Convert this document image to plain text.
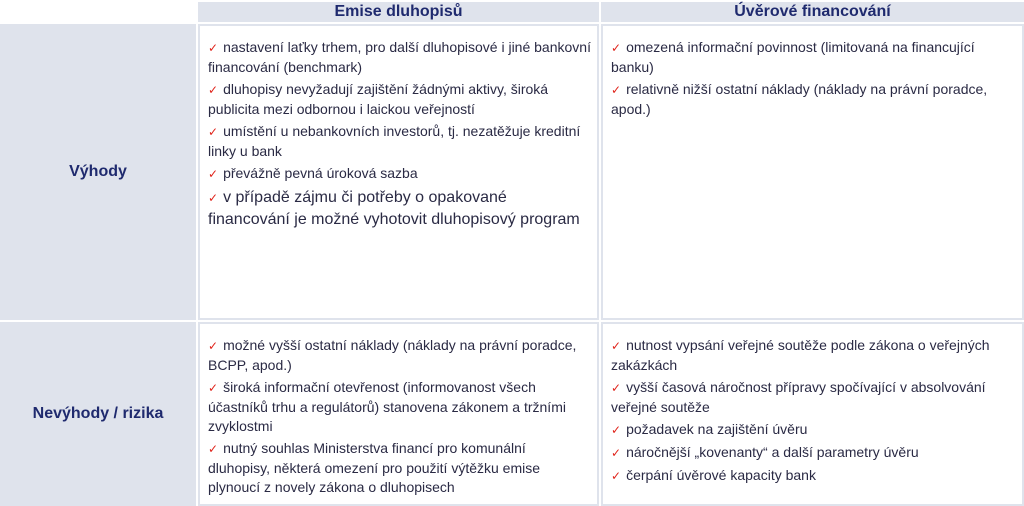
Emise dluhopisů	Úvěrové financování
Výhody
✓ nastavení laťky trhem, pro další dluhopisové i jiné bankovní financování (benchmark)
✓ dluhopisy nevyžadují zajištění žádnými aktivy, široká publicita mezi odbornou i laickou veřejností
✓ umístění u nebankovních investorů, tj. nezatěžuje kreditní linky u bank
✓ převážně pevná úroková sazba
✓ v případě zájmu či potřeby o opakované financování je možné vyhotovit dluhopisový program
✓ omezená informační povinnost (limitovaná na financující banku)
✓ relativně nižší ostatní náklady (náklady na právní poradce, apod.)
Nevýhody / rizika
✓ možné vyšší ostatní náklady (náklady na právní poradce, BCPP, apod.)
✓ široká informační otevřenost (informovanost všech účastníků trhu a regulátorů) stanovena zákonem a tržními zvyklostmi
✓ nutný souhlas Ministerstva financí pro komunální dluhopisy, některá omezení pro použití výtěžku emise plynoucí z novely zákona o dluhopisech
✓ nutnost vypsání veřejné soutěže podle zákona o veřejných zakázkách
✓ vyšší časová náročnost přípravy spočívající v absolvování veřejné soutěže
✓ požadavek na zajištění úvěru
✓ náročnější „kovenanty“ a další parametry úvěru
✓ čerpání úvěrové kapacity bank
